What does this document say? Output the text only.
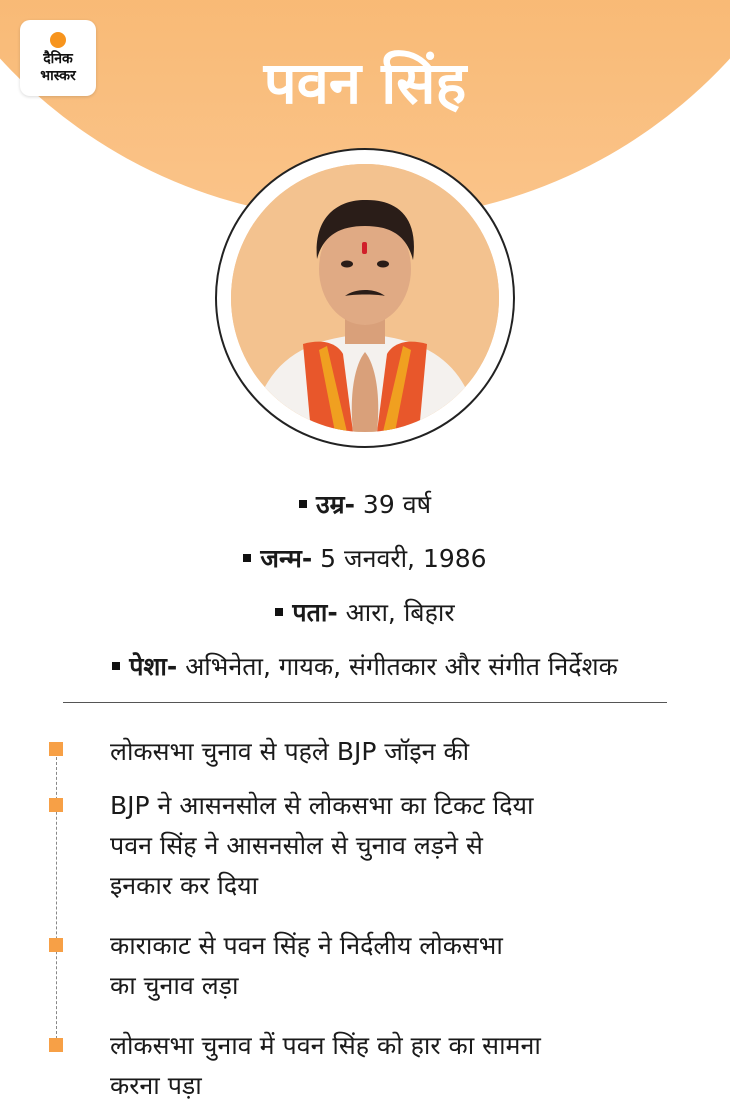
दैनिक
भास्कर	पवन सिंह
उम्र- 39 वर्ष
जन्म- 5 जनवरी, 1986
पता- आरा, बिहार
पेशा- अभिनेता, गायक, संगीतकार और संगीत निर्देशक
लोकसभा चुनाव से पहले BJP जॉइन की
BJP ने आसनसोल से लोकसभा का टिकट दिया
पवन सिंह ने आसनसोल से चुनाव लड़ने से
इनकार कर दिया
काराकाट से पवन सिंह ने निर्दलीय लोकसभा
का चुनाव लड़ा
लोकसभा चुनाव में पवन सिंह को हार का सामना
करना पड़ा
